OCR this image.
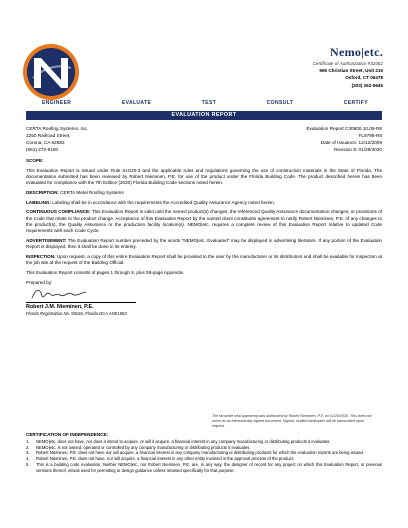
Nemo|etc.
Certificate of Authorization #32062
965 Christian Street, Unit 215
Oxford, CT 06478
(203) 262-5645
ENGINEER	EVALUATE	TEST	CONSULT	CERTIFY
EVALUATION REPORT
CERTA Roofing Systems, Inc.
1250 Railroad Street,
Corona, CA 92882
(951) 272-8180
Evaluation Report C30800.10.09-R8
FL9798-R8
Date of Issuance: 12/12/2009
Revision 8: 01/29/2020
SCOPE:
This Evaluation Report is issued under Rule 61G20-3 and the applicable rules and regulations governing the use of construction materials in the State of Florida. The documentation submitted has been reviewed by Robert Nieminen, P.E. for use of the product under the Florida Building Code. The product described herein has been evaluated for compliance with the 7th Edition (2020) Florida Building Code sections noted herein.
DESCRIPTION: CERTA Metal Roofing Systems
LABELING: Labeling shall be in accordance with the requirements the Accredited Quality Assurance Agency noted herein.
CONTINUOUS COMPLIANCE: This Evaluation Report is valid until the named product(s) changes, the referenced Quality Assurance documentation changes, or provisions of the Code that relate to the product change. Acceptance of this Evaluation Report by the named client constitutes agreement to notify Robert Nieminen, P.E. of any changes to the product(s), the Quality Assurance or the production facility location(s). NEMO|etc. requires a complete review of this Evaluation Report relative to updated Code requirements with each Code Cycle.
ADVERTISEMENT: The Evaluation Report number preceded by the words "NEMO|etc. Evaluated" may be displayed in advertising literature. If any portion of the Evaluation Report is displayed, then it shall be done in its entirety.
INSPECTION: Upon request, a copy of this entire Evaluation Report shall be provided to the user by the manufacturer or its distributors and shall be available for inspection at the job site at the request of the Building Official.
This Evaluation Report consists of pages 1 through 8, plus 58-page Appendix.
Prepared by:
Robert J.M. Nieminen, P.E.
Florida Registration No. 59166, Florida DCA ANE1983
The facsimile seal appearing was authorized by Robert Nieminen, P.E. on 01/29/2020. This does not serve as an electronically signed document. Signed, sealed hardcopies will be transmitted upon request.
CERTIFICATION OF INDEPENDENCE:
1.	NEMO|etc. does not have, nor does it intend to acquire, or will it acquire, a financial interest in any company manufacturing or distributing products it evaluates.
2.	NEMO|etc. is not owned, operated or controlled by any company manufacturing or distributing products it evaluates.
3.	Robert Nieminen, P.E. does not have nor will acquire, a financial interest in any company manufacturing or distributing products for which the evaluation reports are being issued.
4.	Robert Nieminen, P.E. does not have, nor will acquire, a financial interest in any other entity involved in the approval process of the product.
5.	This is a building code evaluation. Neither NEMO|etc. nor Robert Nieminen, P.E. are, in any way, the designer of record for any project on which this Evaluation Report, or previous versions thereof, is/was used for permitting or design guidance unless retained specifically for that purpose.
